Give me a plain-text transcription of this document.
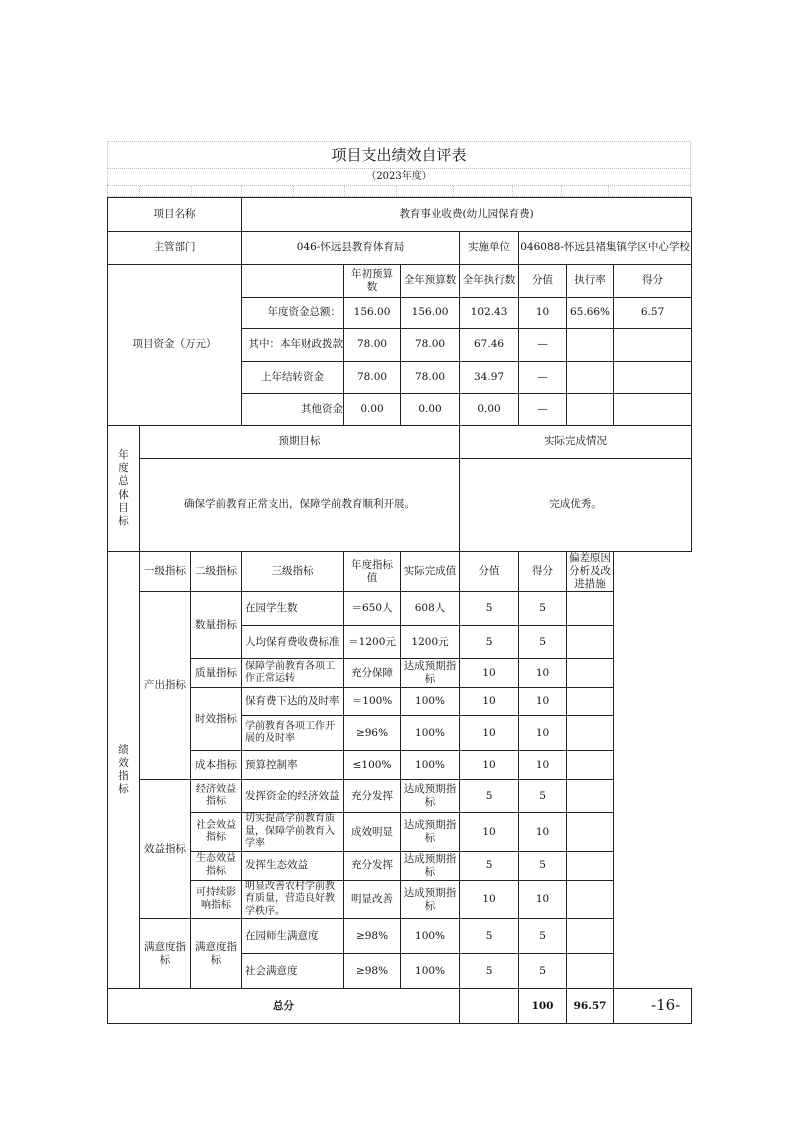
项目支出绩效自评表
（2023年度）
项目名称			教育事业收费(幼儿园保育费)						
主管部门			046-怀远县教育体育局			实施单位	046088-怀远县褚集镇学区中心学校		
项目资金（万元）				年初预算数	全年预算数	全年执行数	分值	执行率	得分
			年度资金总额：	156.00	156.00	102.43	10	65.66%	6.57
			其中：本年财政拨款	78.00	78.00	67.46	—		
			上年结转资金	78.00	78.00	34.97	—		
			其他资金	0.00	0.00	0.00	—		
年度总体目标	预期目标					实际完成情况			
	确保学前教育正常支出，保障学前教育顺利开展。					完成优秀。			
绩效指标	一级指标	二级指标	三级指标	年度指标值	实际完成值	分值	得分	偏差原因分析及改进措施	
	产出指标	数量指标	在园学生数	＝650人	608人	5	5		
			人均保育费收费标准	＝1200元	1200元	5	5		
		质量指标	保障学前教育各项工作正常运转	充分保障	达成预期指标	10	10		
		时效指标	保育费下达的及时率	＝100%	100%	10	10		
			学前教育各项工作开展的及时率	≥96%	100%	10	10		
		成本指标	预算控制率	≤100%	100%	10	10		
	效益指标	经济效益指标	发挥资金的经济效益	充分发挥	达成预期指标	5	5		
		社会效益指标	切实提高学前教育质量，保障学前教育入学率	成效明显	达成预期指标	10	10		
		生态效益指标	发挥生态效益	充分发挥	达成预期指标	5	5		
		可持续影响指标	明显改善农村学前教育质量，营造良好教学秩序。	明显改善	达成预期指标	10	10		
	满意度指标	满意度指标	在园师生满意度	≥98%	100%	5	5		
			社会满意度	≥98%	100%	5	5		
总分							100	96.57		-16-
